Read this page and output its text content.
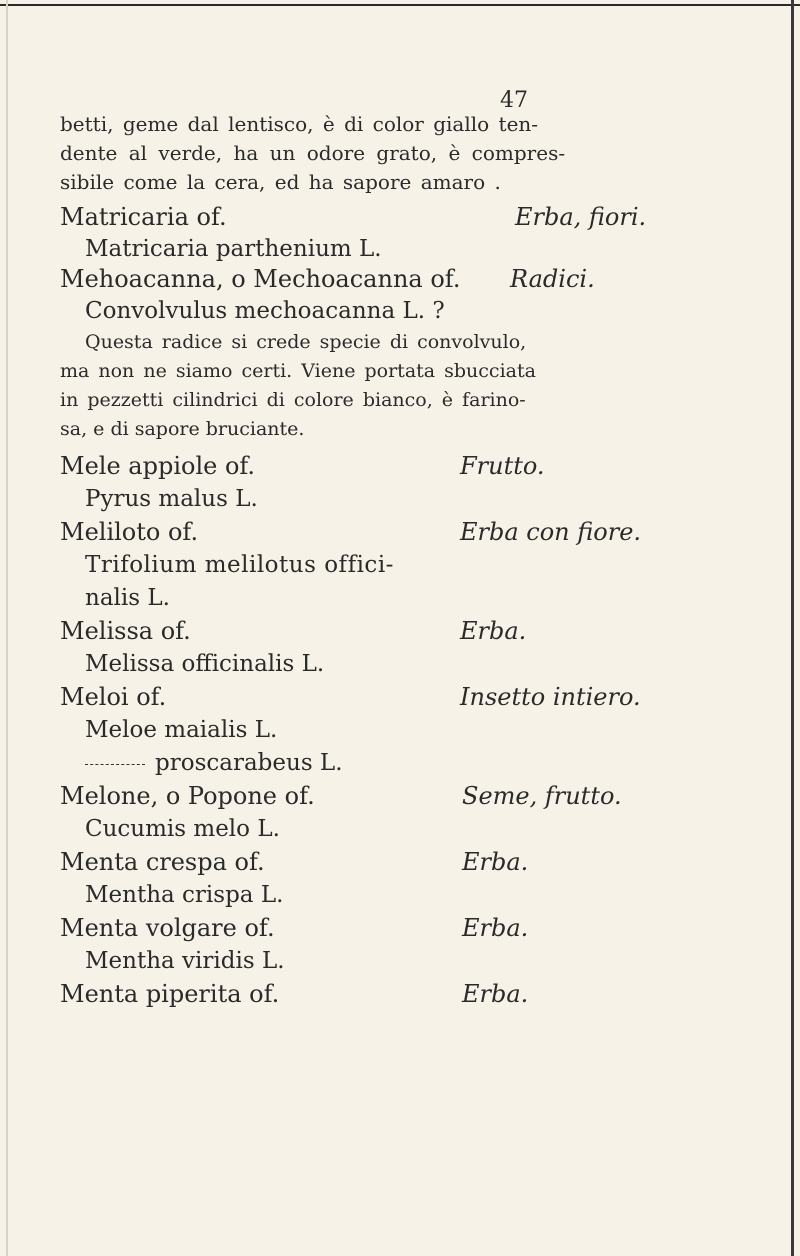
47
betti, geme dal lentisco, è di color giallo ten-
dente al verde, ha un odore grato, è compres-
sibile come la cera, ed ha sapore amaro .
Matricaria of.	Erba, fiori.
Matricaria parthenium L.
Mehoacanna, o Mechoacanna of. Radici.
Convolvulus mechoacanna L. ?
Questa radice si crede specie di convolvulo,
ma non ne siamo certi. Viene portata sbucciata
in pezzetti cilindrici di colore bianco, è farino-
sa, e di sapore bruciante.
Mele appiole of.	Frutto.
Pyrus malus L.
Meliloto of.	Erba con fiore.
Trifolium melilotus offici-
nalis L.
Melissa of.	Erba.
Melissa officinalis L.
Meloi of.	Insetto intiero.
Meloe maialis L.
proscarabeus L.
Melone, o Popone of.	Seme, frutto.
Cucumis melo L.
Menta crespa of.	Erba.
Mentha crispa L.
Menta volgare of.	Erba.
Mentha viridis L.
Menta piperita of.	Erba.
